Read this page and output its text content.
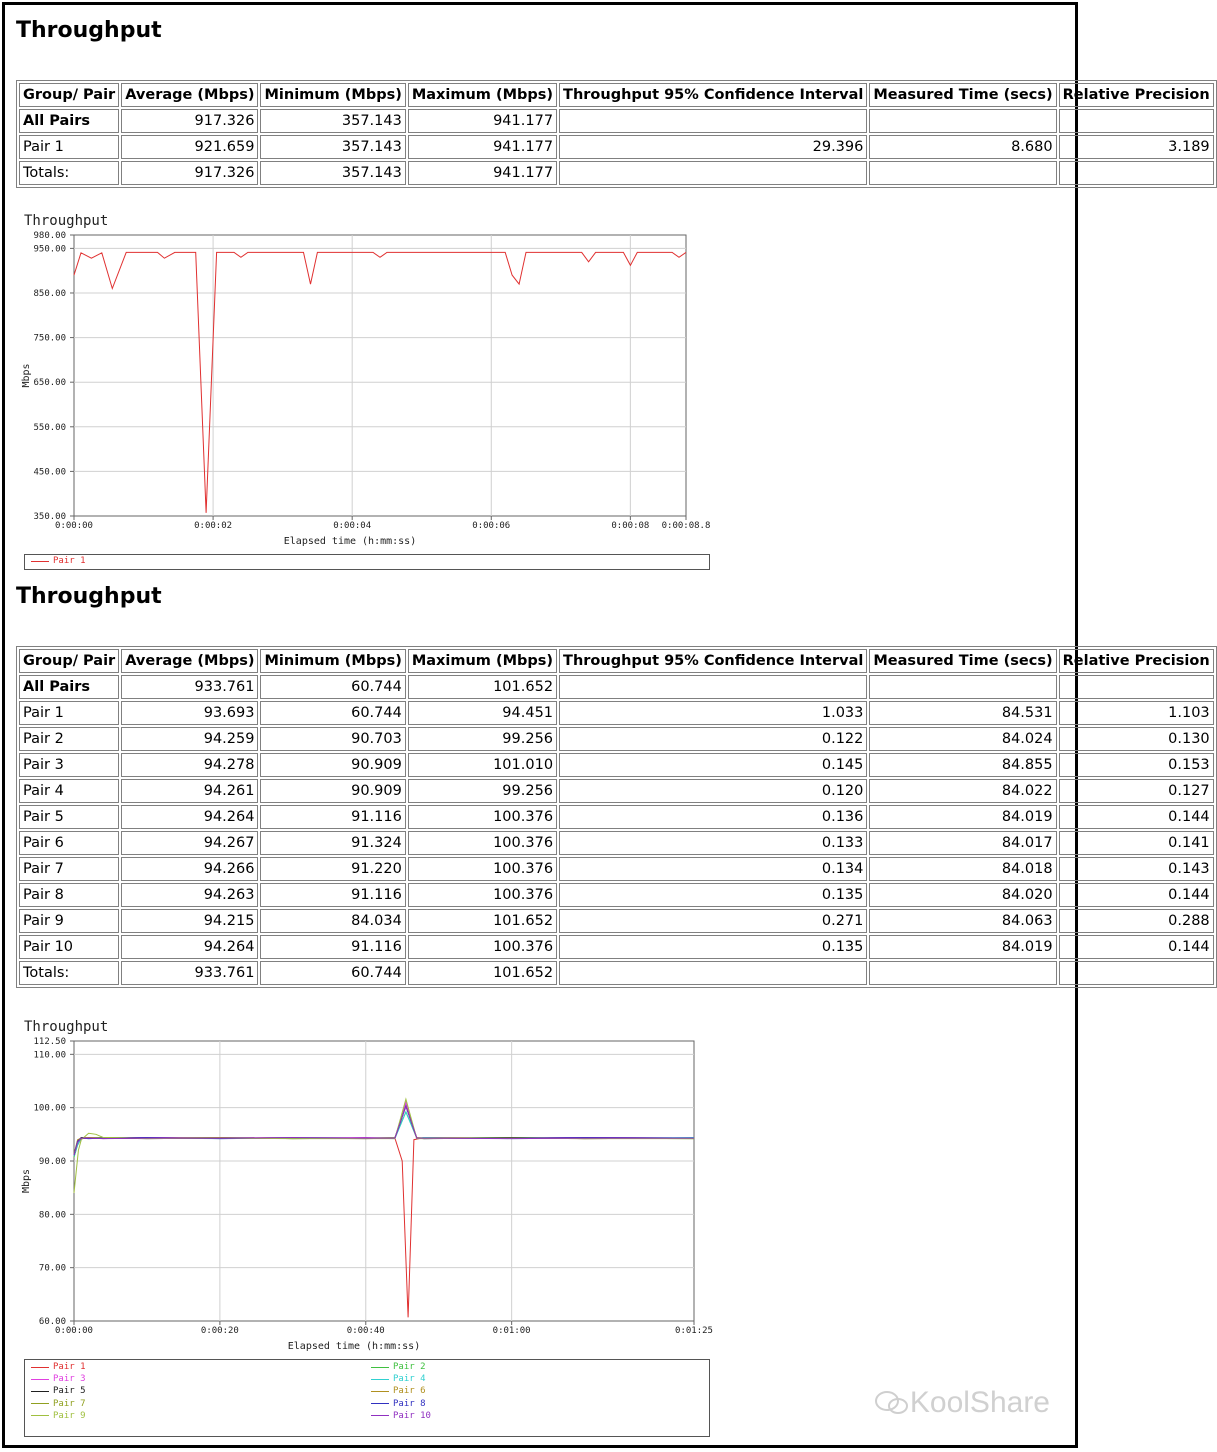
Throughput
Group/ Pair	Average (Mbps)	Minimum (Mbps)	Maximum (Mbps)	Throughput 95% Confidence Interval	Measured Time (secs)	Relative Precision
All Pairs	917.326	357.143	941.177			
Pair 1	921.659	357.143	941.177	29.396	8.680	3.189
Totals:	917.326	357.143	941.177			
Throughput
350.00
450.00
550.00
650.00
750.00
850.00
950.00
980.00
0:00:00	0:00:02	0:00:04	0:00:06	0:00:08 0:00:08.8
Elapsed time (h:mm:ss)
Mbps
Pair 1
Throughput
Group/ Pair	Average (Mbps)	Minimum (Mbps)	Maximum (Mbps)	Throughput 95% Confidence Interval	Measured Time (secs)	Relative Precision
All Pairs	933.761	60.744	101.652			
Pair 1	93.693	60.744	94.451	1.033	84.531	1.103
Pair 2	94.259	90.703	99.256	0.122	84.024	0.130
Pair 3	94.278	90.909	101.010	0.145	84.855	0.153
Pair 4	94.261	90.909	99.256	0.120	84.022	0.127
Pair 5	94.264	91.116	100.376	0.136	84.019	0.144
Pair 6	94.267	91.324	100.376	0.133	84.017	0.141
Pair 7	94.266	91.220	100.376	0.134	84.018	0.143
Pair 8	94.263	91.116	100.376	0.135	84.020	0.144
Pair 9	94.215	84.034	101.652	0.271	84.063	0.288
Pair 10	94.264	91.116	100.376	0.135	84.019	0.144
Totals:	933.761	60.744	101.652			
Throughput
60.00
70.00
80.00
90.00
100.00
110.00
112.50
0:00:00	0:00:20	0:00:40	0:01:00	0:01:25
Elapsed time (h:mm:ss)
Mbps
Pair 1	Pair 2
Pair 3	Pair 4
Pair 5	Pair 6
Pair 7	Pair 8
Pair 9	Pair 10	KoolShare
